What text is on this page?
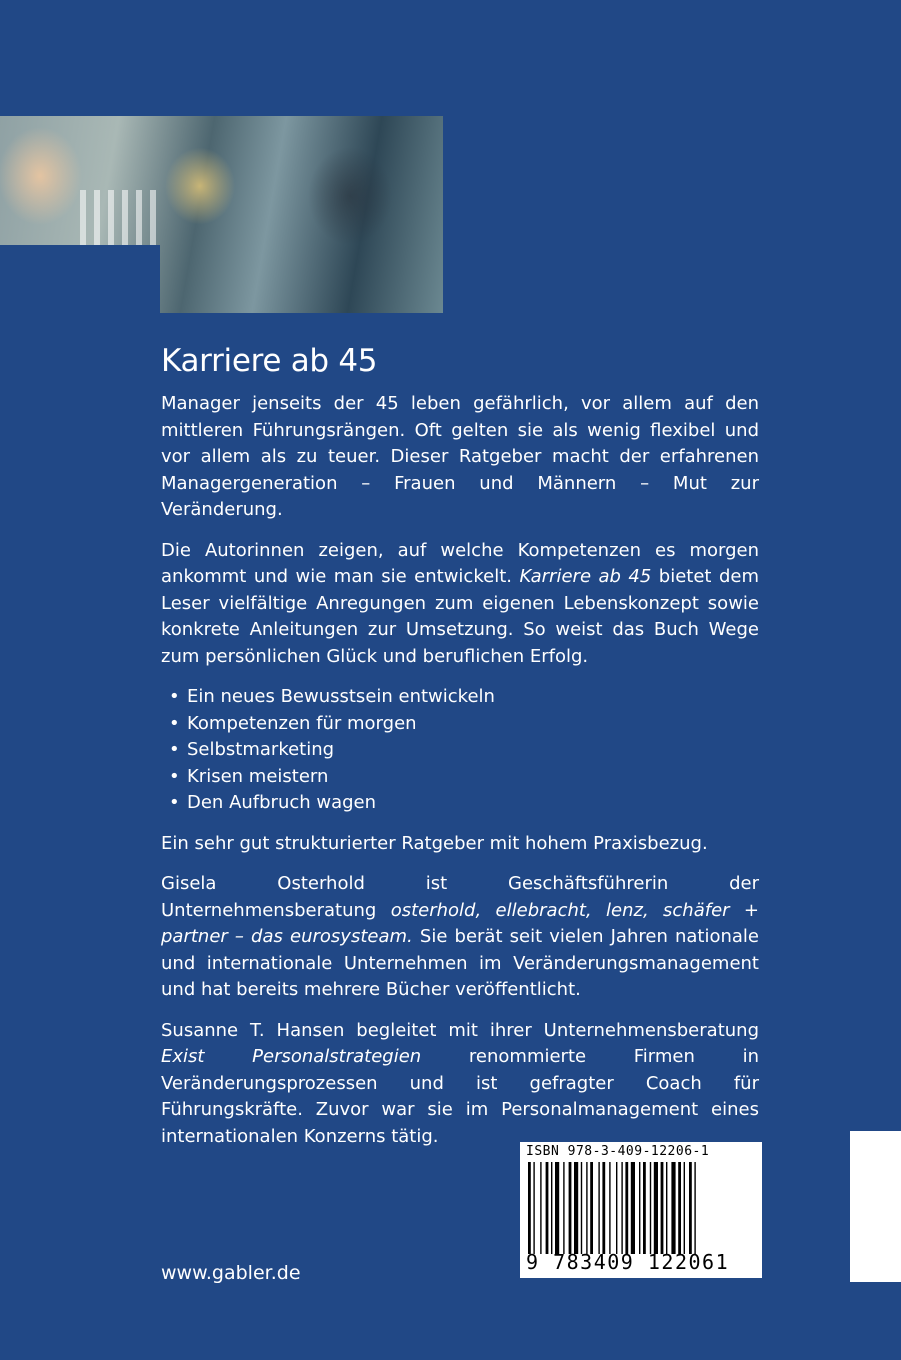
Karriere ab 45

Manager jenseits der 45 leben gefährlich, vor allem auf den mittleren Führungsrängen. Oft gelten sie als wenig flexibel und vor allem als zu teuer. Dieser Ratgeber macht der erfahrenen Managergeneration – Frauen und Männern – Mut zur Veränderung.

Die Autorinnen zeigen, auf welche Kompetenzen es morgen ankommt und wie man sie entwickelt. Karriere ab 45 bietet dem Leser vielfältige Anregungen zum eigenen Lebenskonzept sowie konkrete Anleitungen zur Umsetzung. So weist das Buch Wege zum persönlichen Glück und beruflichen Erfolg.

• Ein neues Bewusstsein entwickeln
• Kompetenzen für morgen
• Selbstmarketing
• Krisen meistern
• Den Aufbruch wagen

Ein sehr gut strukturierter Ratgeber mit hohem Praxisbezug.

Gisela Osterhold ist Geschäftsführerin der Unternehmensberatung osterhold, ellebracht, lenz, schäfer + partner – das eurosysteam. Sie berät seit vielen Jahren nationale und internationale Unternehmen im Veränderungsmanagement und hat bereits mehrere Bücher veröffentlicht.

Susanne T. Hansen begleitet mit ihrer Unternehmensberatung Exist Personalstrategien	renommierte Firmen in Veränderungsprozessen und ist gefragter Coach für Führungskräfte. Zuvor war sie im Personalmanagement eines internationalen Konzerns tätig.

www.gabler.de
ISBN 978-3-409-12206-1
9 783409 122061
